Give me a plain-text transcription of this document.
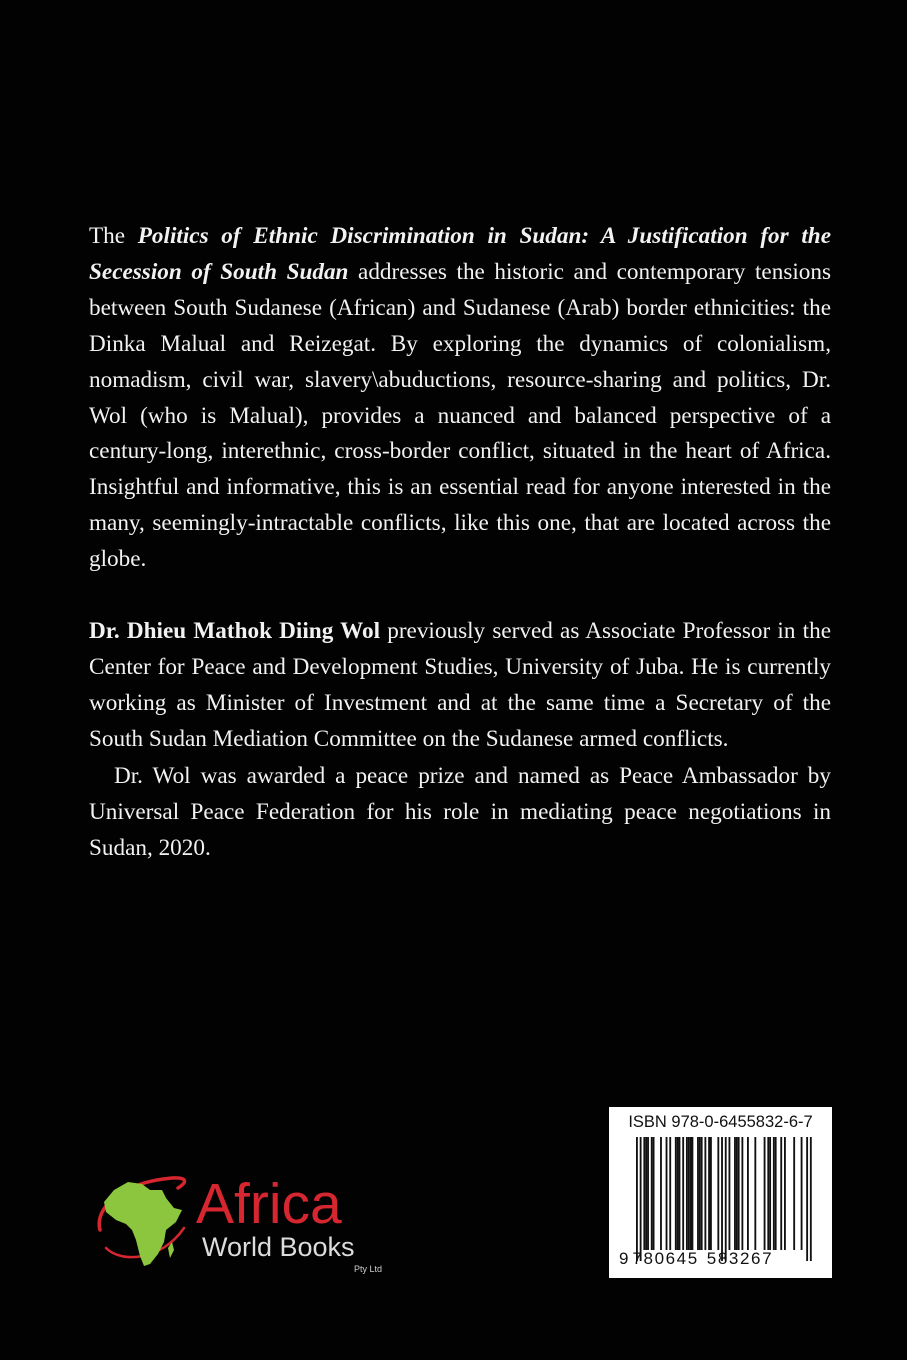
The Politics of Ethnic Discrimination in Sudan: A Justification for the Secession of South Sudan addresses the historic and contemporary tensions between South Sudanese (African) and Sudanese (Arab) border ethnicities: the Dinka Malual and Reizegat. By exploring the dynamics of colonialism, nomadism, civil war, slavery\abuductions, resource-sharing and politics, Dr. Wol (who is Malual), provides a nuanced and balanced perspective of a century-long, interethnic, cross-border conflict, situated in the heart of Africa. Insightful and informative, this is an essential read for anyone interested in the many, seemingly-intractable conflicts, like this one, that are located across the globe.

Dr. Dhieu Mathok Diing Wol previously served as Associate Professor in the Center for Peace and Development Studies, University of Juba. He is currently working as Minister of Investment and at the same time a Secretary of the South Sudan Mediation Committee on the Sudanese armed conflicts.

Dr. Wol was awarded a peace prize and named as Peace Ambassador by Universal Peace Federation for his role in mediating peace negotiations in Sudan, 2020.

Africa
World Books
Pty Ltd
ISBN 978-0-6455832-6-7
9 780645 583267
